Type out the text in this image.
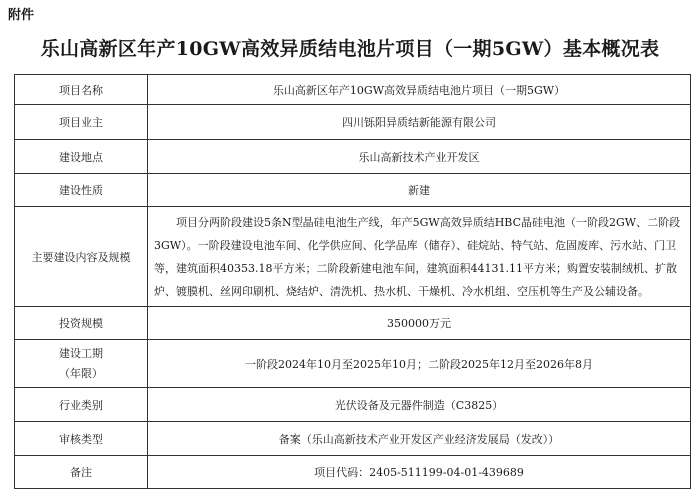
附件
乐山高新区年产10GW高效异质结电池片项目（一期5GW）基本概况表
项目名称	乐山高新区年产10GW高效异质结电池片项目（一期5GW）
项目业主	四川铄阳异质结新能源有限公司
建设地点	乐山高新技术产业开发区
建设性质	新建
主要建设内容及规模	项目分两阶段建设5条N型晶硅电池生产线，年产5GW高效异质结HBC晶硅电池（一阶段2GW、二阶段3GW）。一阶段建设电池车间、化学供应间、化学品库（储存）、硅烷站、特气站、危固废库、污水站、门卫等，建筑面积40353.18平方米；二阶段新建电池车间，建筑面积44131.11平方米；购置安装制绒机、扩散炉、镀膜机、丝网印刷机、烧结炉、清洗机、热水机、干燥机、冷水机组、空压机等生产及公辅设备。
投资规模	350000万元

建设工期
（年限）	一阶段2024年10月至2025年10月；二阶段2025年12月至2026年8月
行业类别	光伏设备及元器件制造（C3825）
审核类型	备案（乐山高新技术产业开发区产业经济发展局（发改））
备注	项目代码：2405-511199-04-01-439689
